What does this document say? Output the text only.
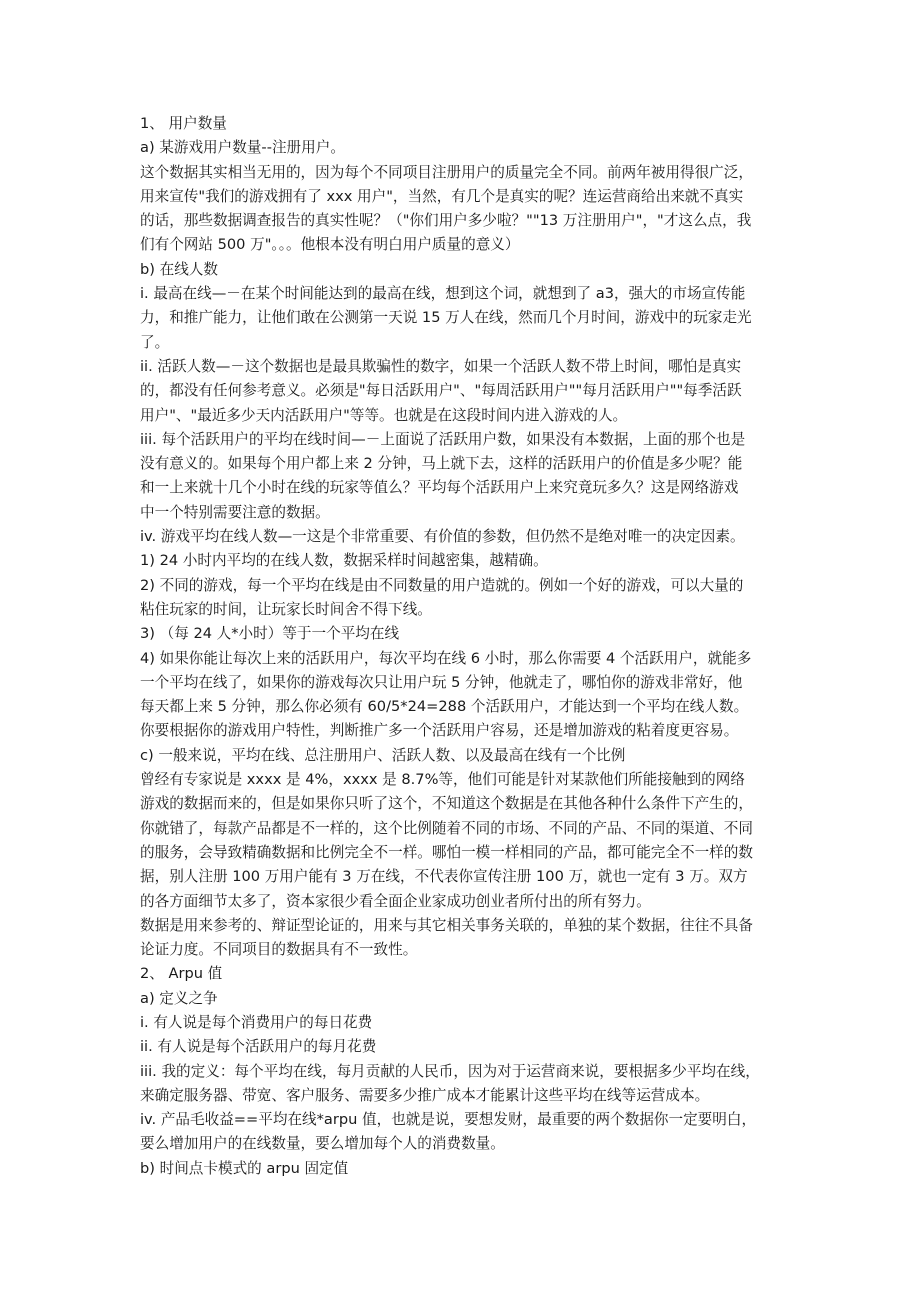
1、 用户数量
a) 某游戏用户数量--注册用户。
这个数据其实相当无用的，因为每个不同项目注册用户的质量完全不同。前两年被用得很广泛，
用来宣传"我们的游戏拥有了 xxx 用户"，当然，有几个是真实的呢？连运营商给出来就不真实
的话，那些数据调查报告的真实性呢？（"你们用户多少啦？""13 万注册用户"，"才这么点，我
们有个网站 500 万"。。。他根本没有明白用户质量的意义）
b) 在线人数
i. 最高在线—－在某个时间能达到的最高在线，想到这个词，就想到了 a3，强大的市场宣传能
力，和推广能力，让他们敢在公测第一天说 15 万人在线，然而几个月时间，游戏中的玩家走光
了。
ii. 活跃人数—－这个数据也是最具欺骗性的数字，如果一个活跃人数不带上时间，哪怕是真实
的，都没有任何参考意义。必须是"每日活跃用户"、"每周活跃用户""每月活跃用户""每季活跃
用户"、"最近多少天内活跃用户"等等。也就是在这段时间内进入游戏的人。
iii. 每个活跃用户的平均在线时间—－上面说了活跃用户数，如果没有本数据，上面的那个也是
没有意义的。如果每个用户都上来 2 分钟，马上就下去，这样的活跃用户的价值是多少呢？能
和一上来就十几个小时在线的玩家等值么？平均每个活跃用户上来究竟玩多久？这是网络游戏
中一个特别需要注意的数据。
iv. 游戏平均在线人数—一这是个非常重要、有价值的参数，但仍然不是绝对唯一的决定因素。
1) 24 小时内平均的在线人数，数据采样时间越密集，越精确。
2) 不同的游戏，每一个平均在线是由不同数量的用户造就的。例如一个好的游戏，可以大量的
粘住玩家的时间，让玩家长时间舍不得下线。
3) （每 24 人*小时）等于一个平均在线
4) 如果你能让每次上来的活跃用户，每次平均在线 6 小时，那么你需要 4 个活跃用户，就能多
一个平均在线了，如果你的游戏每次只让用户玩 5 分钟，他就走了，哪怕你的游戏非常好，他
每天都上来 5 分钟，那么你必须有 60/5*24=288 个活跃用户，才能达到一个平均在线人数。
你要根据你的游戏用户特性，判断推广多一个活跃用户容易，还是增加游戏的粘着度更容易。
c) 一般来说，平均在线、总注册用户、活跃人数、以及最高在线有一个比例
曾经有专家说是 xxxx 是 4%，xxxx 是 8.7%等，他们可能是针对某款他们所能接触到的网络
游戏的数据而来的，但是如果你只听了这个，不知道这个数据是在其他各种什么条件下产生的，
你就错了，每款产品都是不一样的，这个比例随着不同的市场、不同的产品、不同的渠道、不同
的服务，会导致精确数据和比例完全不一样。哪怕一模一样相同的产品，都可能完全不一样的数
据，别人注册 100 万用户能有 3 万在线，不代表你宣传注册 100 万，就也一定有 3 万。双方
的各方面细节太多了，资本家很少看全面企业家成功创业者所付出的所有努力。
数据是用来参考的、辩证型论证的，用来与其它相关事务关联的，单独的某个数据，往往不具备
论证力度。不同项目的数据具有不一致性。
2、 Arpu 值
a) 定义之争
i. 有人说是每个消费用户的每日花费
ii. 有人说是每个活跃用户的每月花费
iii. 我的定义：每个平均在线，每月贡献的人民币，因为对于运营商来说，要根据多少平均在线，
来确定服务器、带宽、客户服务、需要多少推广成本才能累计这些平均在线等运营成本。
iv. 产品毛收益==平均在线*arpu 值，也就是说，要想发财，最重要的两个数据你一定要明白，
要么增加用户的在线数量，要么增加每个人的消费数量。
b) 时间点卡模式的 arpu 固定值
